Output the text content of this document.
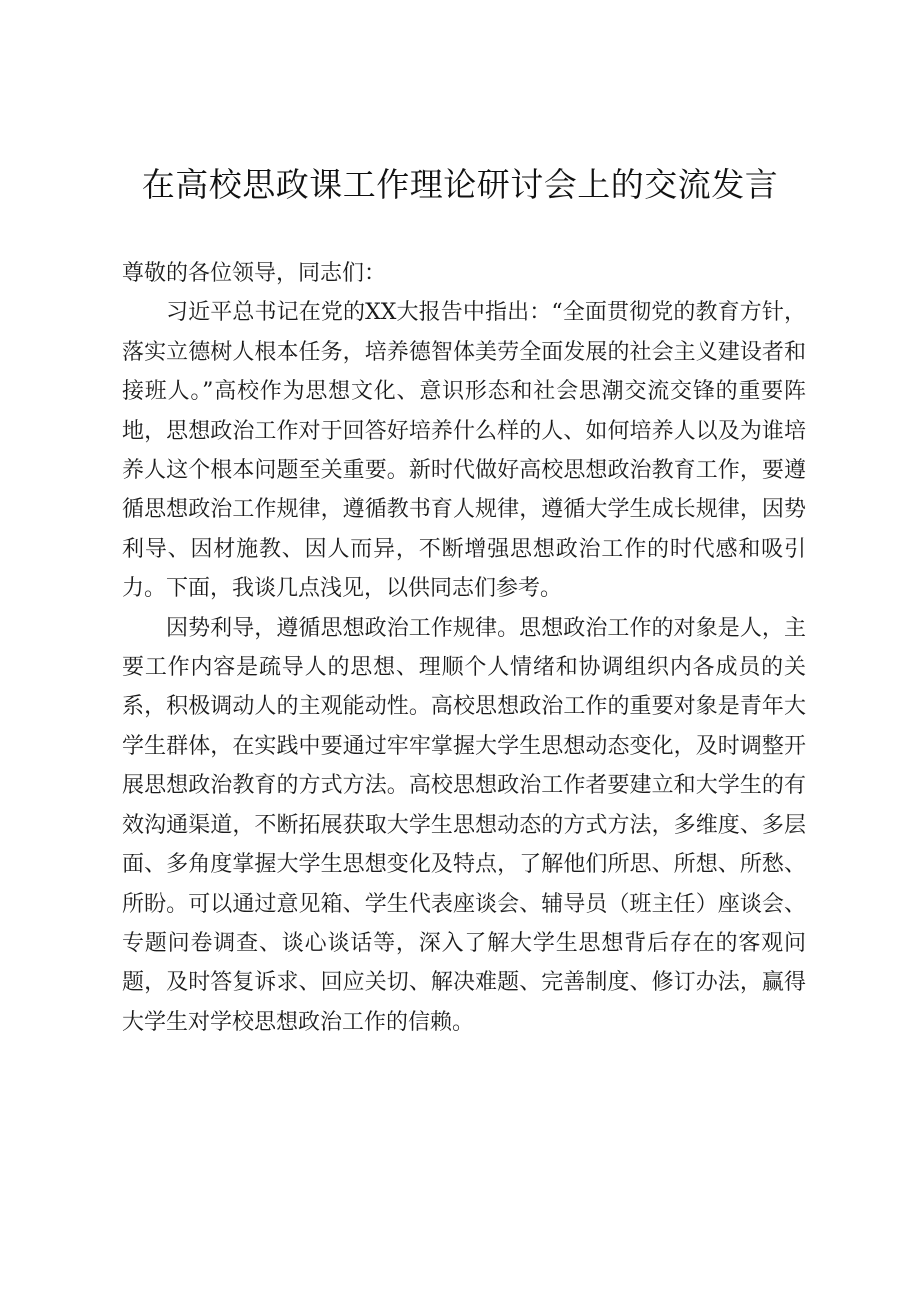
在高校思政课工作理论研讨会上的交流发言

尊敬的各位领导，同志们：

习近平总书记在党的XX大报告中指出：“全面贯彻党的教育方针，落实立德树人根本任务，培养德智体美劳全面发展的社会主义建设者和接班人。”高校作为思想文化、意识形态和社会思潮交流交锋的重要阵地，思想政治工作对于回答好培养什么样的人、如何培养人以及为谁培养人这个根本问题至关重要。新时代做好高校思想政治教育工作，要遵循思想政治工作规律，遵循教书育人规律，遵循大学生成长规律，因势利导、因材施教、因人而异，不断增强思想政治工作的时代感和吸引力。下面，我谈几点浅见，以供同志们参考。

因势利导，遵循思想政治工作规律。思想政治工作的对象是人，主要工作内容是疏导人的思想、理顺个人情绪和协调组织内各成员的关系，积极调动人的主观能动性。高校思想政治工作的重要对象是青年大学生群体，在实践中要通过牢牢掌握大学生思想动态变化，及时调整开展思想政治教育的方式方法。高校思想政治工作者要建立和大学生的有效沟通渠道，不断拓展获取大学生思想动态的方式方法，多维度、多层面、多角度掌握大学生思想变化及特点，了解他们所思、所想、所愁、所盼。可以通过意见箱、学生代表座谈会、辅导员（班主任）座谈会、专题问卷调查、谈心谈话等，深入了解大学生思想背后存在的客观问题，及时答复诉求、回应关切、解决难题、完善制度、修订办法，赢得大学生对学校思想政治工作的信赖。
